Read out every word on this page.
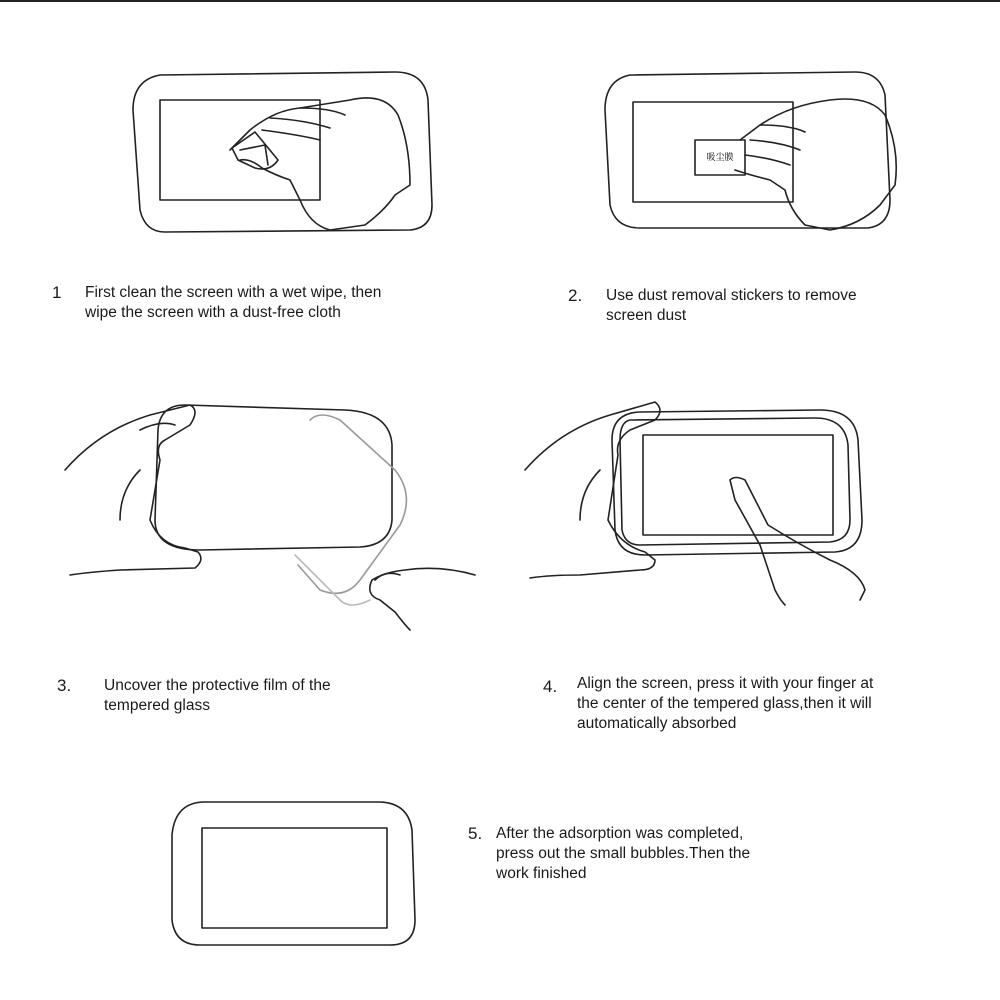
吸尘膜
1 First clean the screen with a wet wipe, then
wipe the screen with a dust-free cloth
2. Use dust removal stickers to remove
screen dust
3. Uncover the protective film of the
tempered glass
4. Align the screen, press it with your finger at
the center of the tempered glass,then it will
automatically absorbed
5. After the adsorption was completed,
press out the small bubbles.Then the
work finished
